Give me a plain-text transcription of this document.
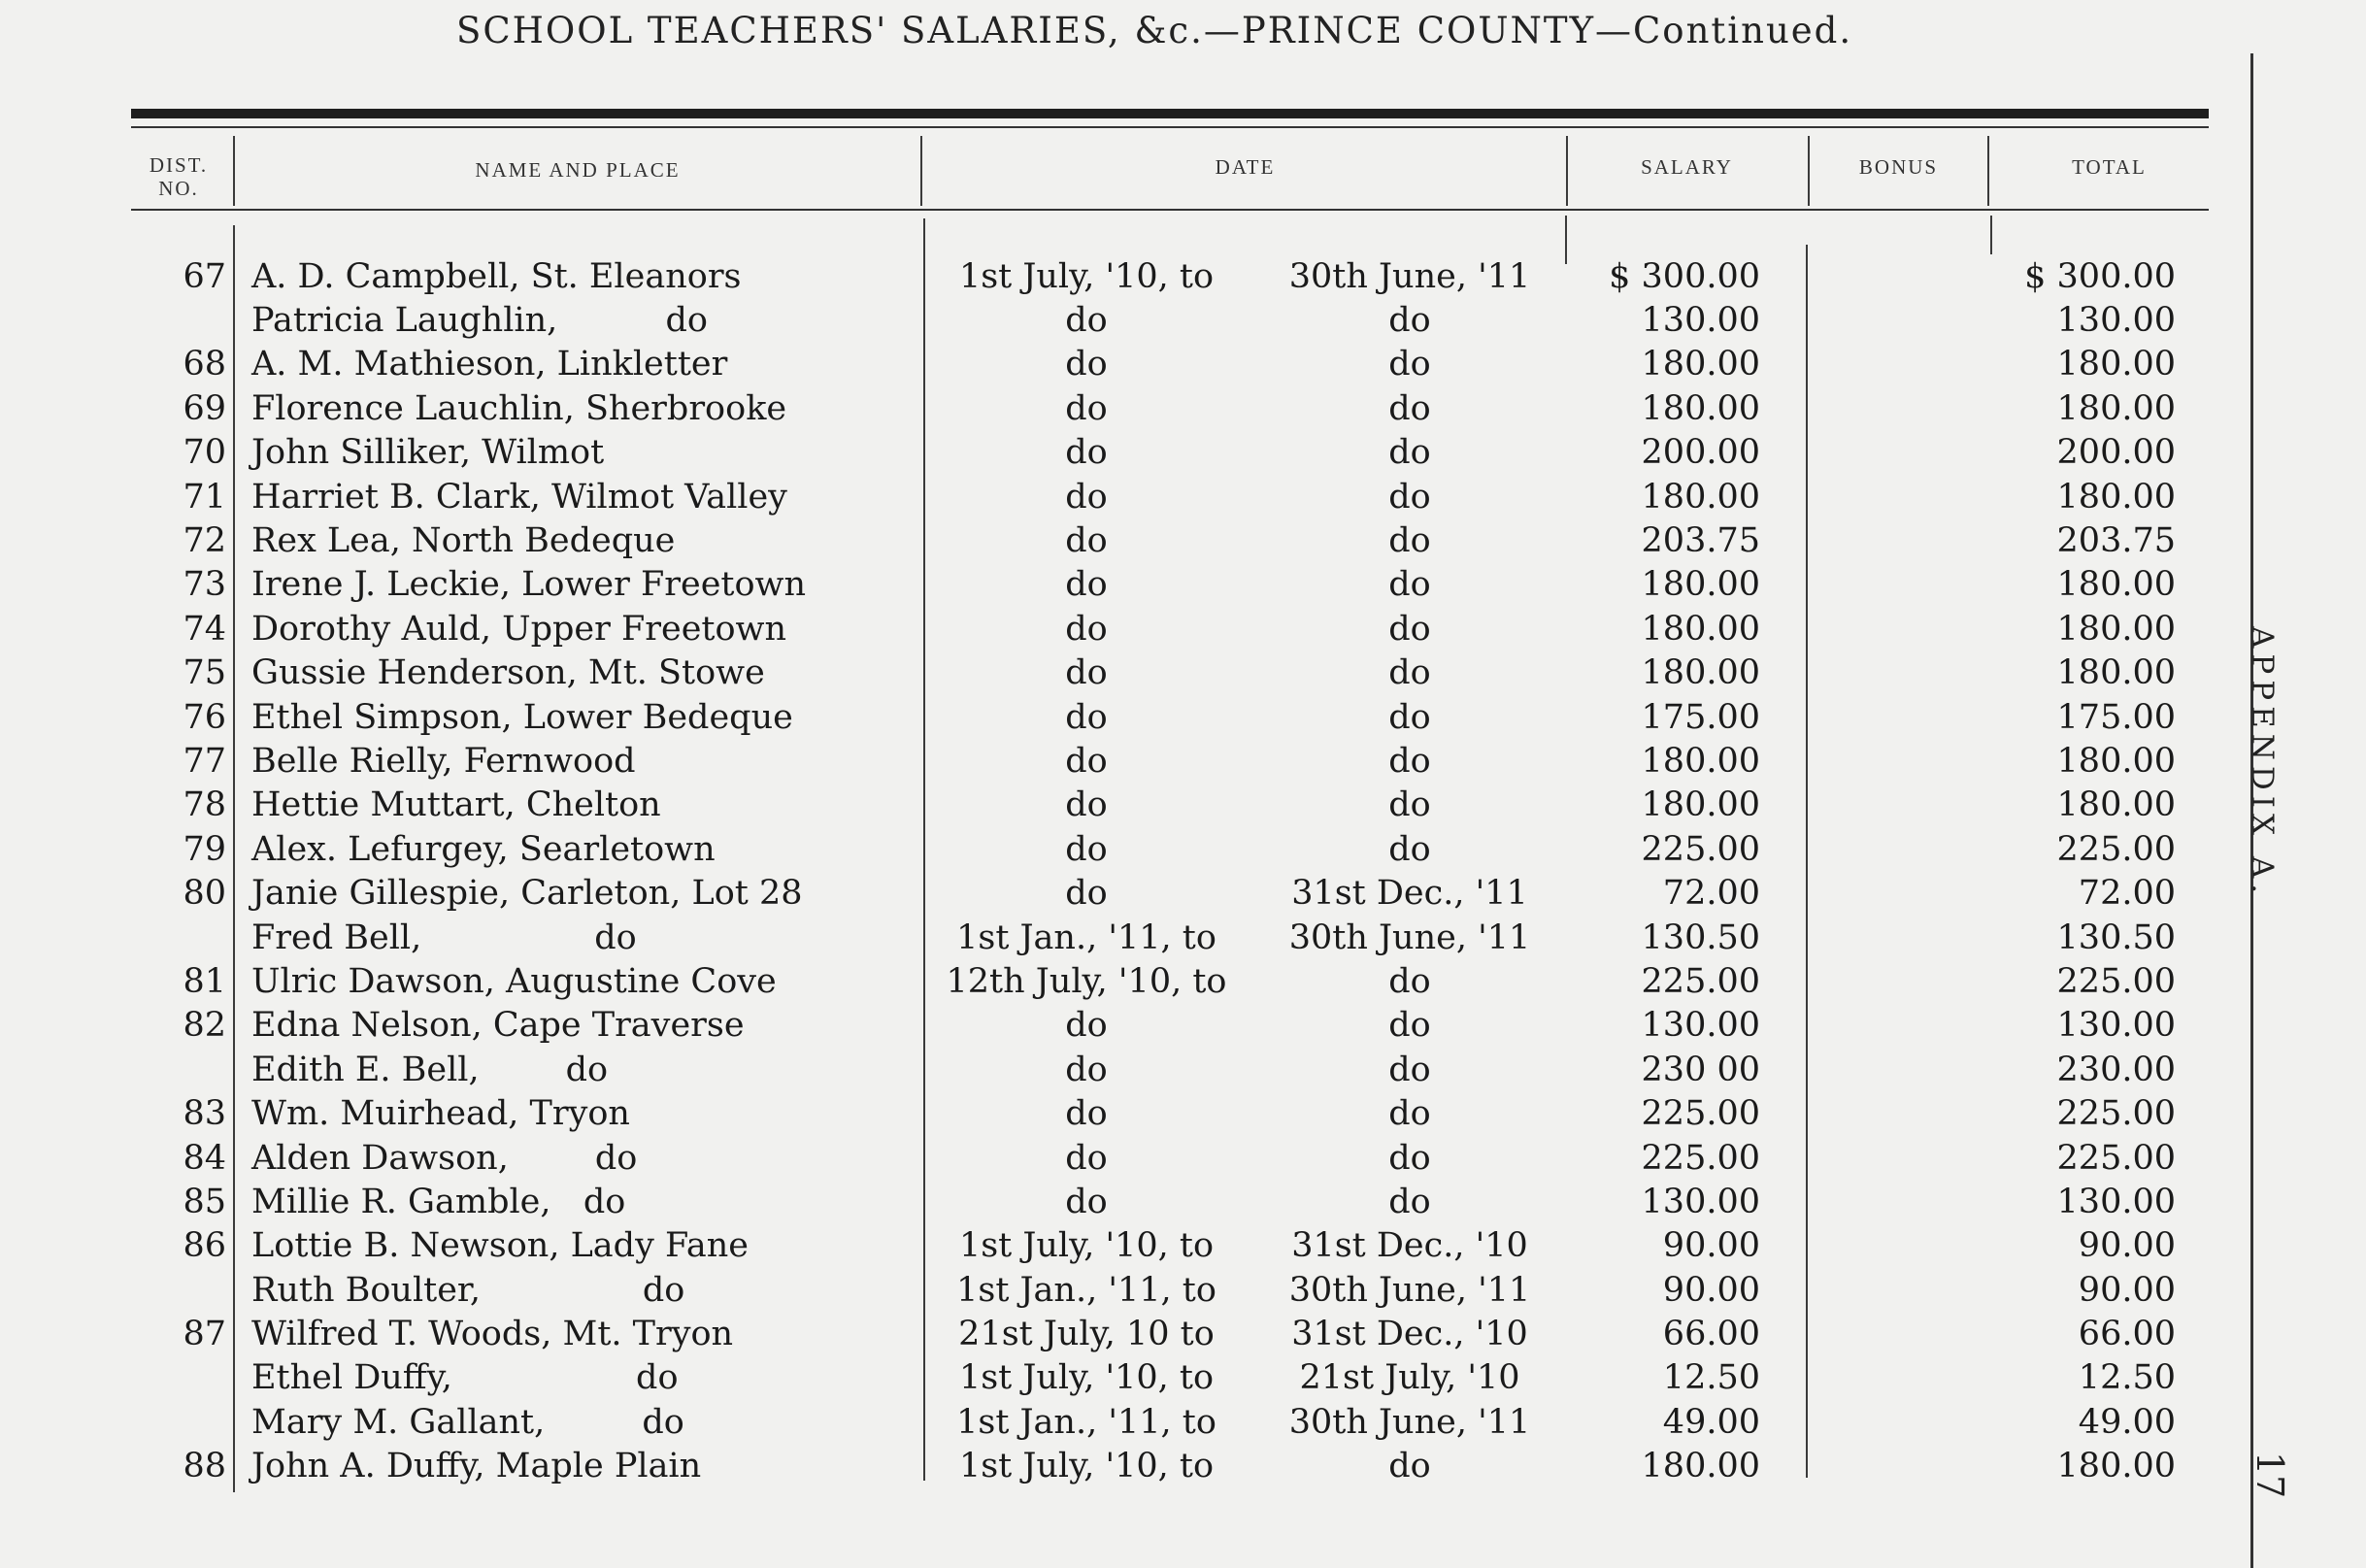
SCHOOL TEACHERS' SALARIES, &c.—PRINCE COUNTY—Continued.
DIST.
NO.
NAME AND PLACE	DATE	SALARY	BONUS	TOTAL
67	A. D. Campbell, St. Eleanors	1st July, '10, to	30th June, '11	$ 300.00		$ 300.00
	Patricia Laughlin,          do	do	do	130.00		130.00
68	A. M. Mathieson, Linkletter	do	do	180.00		180.00
69	Florence Lauchlin, Sherbrooke	do	do	180.00		180.00
70	John Silliker, Wilmot	do	do	200.00		200.00
71	Harriet B. Clark, Wilmot Valley	do	do	180.00		180.00
72	Rex Lea, North Bedeque	do	do	203.75		203.75
73	Irene J. Leckie, Lower Freetown	do	do	180.00		180.00
74	Dorothy Auld, Upper Freetown	do	do	180.00		180.00
75	Gussie Henderson, Mt. Stowe	do	do	180.00		180.00
76	Ethel Simpson, Lower Bedeque	do	do	175.00		175.00
77	Belle Rielly, Fernwood	do	do	180.00		180.00
78	Hettie Muttart, Chelton	do	do	180.00		180.00
79	Alex. Lefurgey, Searletown	do	do	225.00		225.00
80	Janie Gillespie, Carleton, Lot 28	do	31st Dec., '11	72.00		72.00
	Fred Bell,                do	1st Jan., '11, to	30th June, '11	130.50		130.50
81	Ulric Dawson, Augustine Cove	12th July, '10, to	do	225.00		225.00
82	Edna Nelson, Cape Traverse	do	do	130.00		130.00
	Edith E. Bell,        do	do	do	230 00		230.00
83	Wm. Muirhead, Tryon	do	do	225.00		225.00
84	Alden Dawson,        do	do	do	225.00		225.00
85	Millie R. Gamble,   do	do	do	130.00		130.00
86	Lottie B. Newson, Lady Fane	1st July, '10, to	31st Dec., '10	90.00		90.00
	Ruth Boulter,               do	1st Jan., '11, to	30th June, '11	90.00		90.00
87	Wilfred T. Woods, Mt. Tryon	21st July, 10 to	31st Dec., '10	66.00		66.00
	Ethel Duffy,                 do	1st July, '10, to	21st July, '10	12.50		12.50
	Mary M. Gallant,         do	1st Jan., '11, to	30th June, '11	49.00		49.00
88	John A. Duffy, Maple Plain	1st July, '10, to	do	180.00		180.00
APPENDIX A.
17
